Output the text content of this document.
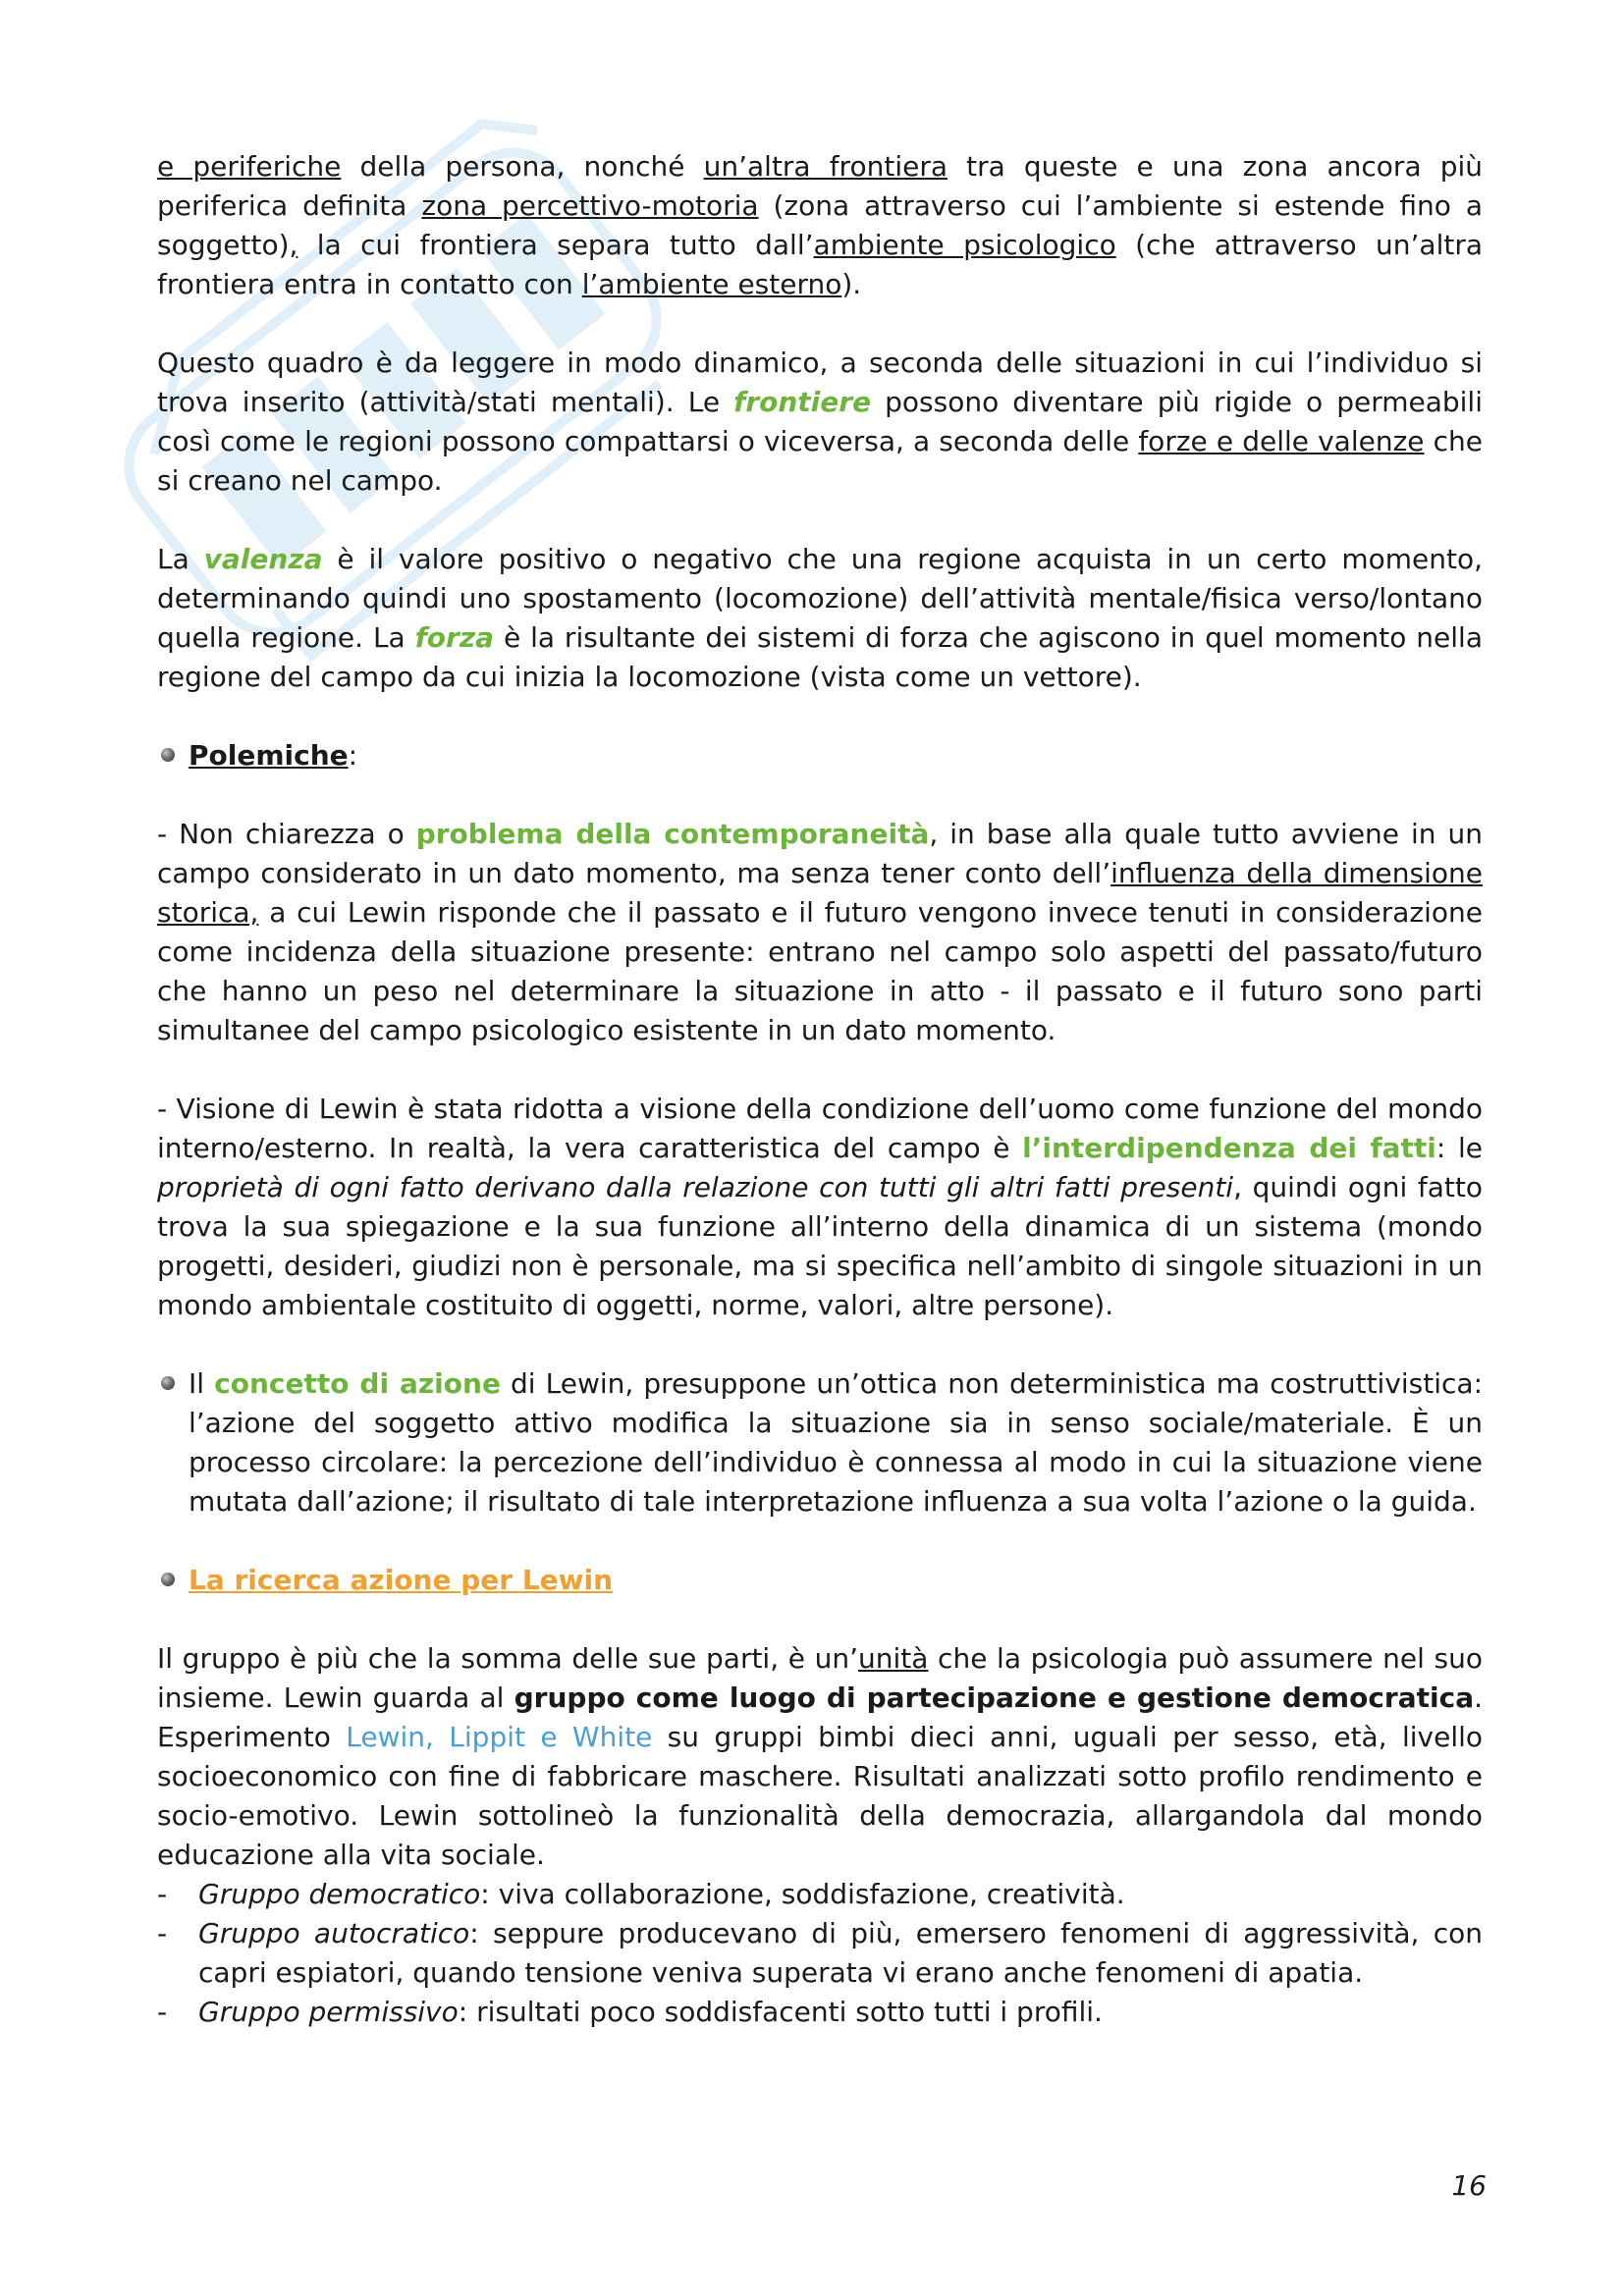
e periferiche della persona, nonché un’altra frontiera tra queste e una zona ancora più periferica definita zona percettivo-motoria (zona attraverso cui l’ambiente si estende fino a soggetto), la cui frontiera separa tutto dall’ambiente psicologico (che attraverso un’altra frontiera entra in contatto con l’ambiente esterno).

Questo quadro è da leggere in modo dinamico, a seconda delle situazioni in cui l’individuo si trova inserito (attività/stati mentali). Le frontiere possono diventare più rigide o permeabili così come le regioni possono compattarsi o viceversa, a seconda delle forze e delle valenze che si creano nel campo.

La valenza è il valore positivo o negativo che una regione acquista in un certo momento, determinando quindi uno spostamento (locomozione) dell’attività mentale/fisica verso/lontano quella regione. La forza è la risultante dei sistemi di forza che agiscono in quel momento nella regione del campo da cui inizia la locomozione (vista come un vettore).

Polemiche:

- Non chiarezza o problema della contemporaneità, in base alla quale tutto avviene in un campo considerato in un dato momento, ma senza tener conto dell’influenza della dimensione storica, a cui Lewin risponde che il passato e il futuro vengono invece tenuti in considerazione come incidenza della situazione presente: entrano nel campo solo aspetti del passato/futuro che hanno un peso nel determinare la situazione in atto - il passato e il futuro sono parti simultanee del campo psicologico esistente in un dato momento.

- Visione di Lewin è stata ridotta a visione della condizione dell’uomo come funzione del mondo interno/esterno. In realtà, la vera caratteristica del campo è l’interdipendenza dei fatti: le proprietà di ogni fatto derivano dalla relazione con tutti gli altri fatti presenti, quindi ogni fatto trova la sua spiegazione e la sua funzione all’interno della dinamica di un sistema (mondo progetti, desideri, giudizi non è personale, ma si specifica nell’ambito di singole situazioni in un mondo ambientale costituito di oggetti, norme, valori, altre persone).

Il concetto di azione di Lewin, presuppone un’ottica non deterministica ma costruttivistica: l’azione del soggetto attivo modifica la situazione sia in senso sociale/materiale. È un processo circolare: la percezione dell’individuo è connessa al modo in cui la situazione viene mutata dall’azione; il risultato di tale interpretazione influenza a sua volta l’azione o la guida.

La ricerca azione per Lewin

Il gruppo è più che la somma delle sue parti, è un’unità che la psicologia può assumere nel suo insieme. Lewin guarda al gruppo come luogo di partecipazione e gestione democratica. Esperimento Lewin, Lippit e White su gruppi bimbi dieci anni, uguali per sesso, età, livello socioeconomico con fine di fabbricare maschere. Risultati analizzati sotto profilo rendimento e socio-emotivo. Lewin sottolineò la funzionalità della democrazia, allargandola dal mondo educazione alla vita sociale.

- Gruppo democratico: viva collaborazione, soddisfazione, creatività.

- Gruppo autocratico: seppure producevano di più, emersero fenomeni di aggressività, con capri espiatori, quando tensione veniva superata vi erano anche fenomeni di apatia.

- Gruppo permissivo: risultati poco soddisfacenti sotto tutti i profili.

16
